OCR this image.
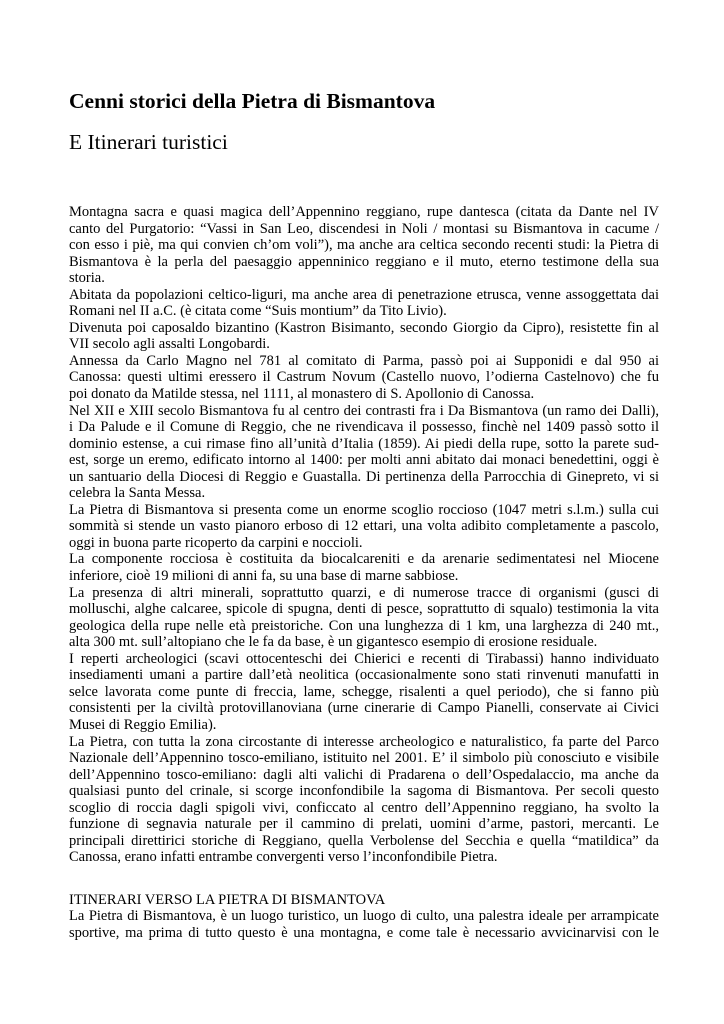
Cenni storici della Pietra di Bismantova
E Itinerari turistici
Montagna sacra e quasi magica dell’Appennino reggiano, rupe dantesca (citata da Dante nel IV
canto del Purgatorio: “Vassi in San Leo, discendesi in Noli / montasi su Bismantova in cacume /
con esso i piè, ma qui convien ch’om voli”), ma anche ara celtica secondo recenti studi: la Pietra di
Bismantova è la perla del paesaggio appenninico reggiano e il muto, eterno testimone della sua
storia.
Abitata da popolazioni celtico-liguri, ma anche area di penetrazione etrusca, venne assoggettata dai
Romani nel II a.C. (è citata come “Suis montium” da Tito Livio).
Divenuta poi caposaldo bizantino (Kastron Bisimanto, secondo Giorgio da Cipro), resistette fin al
VII secolo agli assalti Longobardi.
Annessa da Carlo Magno nel 781 al comitato di Parma, passò poi ai Supponidi e dal 950 ai
Canossa: questi ultimi eressero il Castrum Novum (Castello nuovo, l’odierna Castelnovo) che fu
poi donato da Matilde stessa, nel 1111, al monastero di S. Apollonio di Canossa.
Nel XII e XIII secolo Bismantova fu al centro dei contrasti fra i Da Bismantova (un ramo dei Dalli),
i Da Palude e il Comune di Reggio, che ne rivendicava il possesso, finchè nel 1409 passò sotto il
dominio estense, a cui rimase fino all’unità d’Italia (1859). Ai piedi della rupe, sotto la parete sud-
est, sorge un eremo, edificato intorno al 1400: per molti anni abitato dai monaci benedettini, oggi è
un santuario della Diocesi di Reggio e Guastalla. Di pertinenza della Parrocchia di Ginepreto, vi si
celebra la Santa Messa.
La Pietra di Bismantova si presenta come un enorme scoglio roccioso (1047 metri s.l.m.) sulla cui
sommità si stende un vasto pianoro erboso di 12 ettari, una volta adibito completamente a pascolo,
oggi in buona parte ricoperto da carpini e noccioli.
La componente rocciosa è costituita da biocalcareniti e da arenarie sedimentatesi nel Miocene
inferiore, cioè 19 milioni di anni fa, su una base di marne sabbiose.
La presenza di altri minerali, soprattutto quarzi, e di numerose tracce di organismi (gusci di
molluschi, alghe calcaree, spicole di spugna, denti di pesce, soprattutto di squalo) testimonia la vita
geologica della rupe nelle età preistoriche. Con una lunghezza di 1 km, una larghezza di 240 mt.,
alta 300 mt. sull’altopiano che le fa da base, è un gigantesco esempio di erosione residuale.
I reperti archeologici (scavi ottocenteschi dei Chierici e recenti di Tirabassi) hanno individuato
insediamenti umani a partire dall’età neolitica (occasionalmente sono stati rinvenuti manufatti in
selce lavorata come punte di freccia, lame, schegge, risalenti a quel periodo), che si fanno più
consistenti per la civiltà protovillanoviana (urne cinerarie di Campo Pianelli, conservate ai Civici
Musei di Reggio Emilia).
La Pietra, con tutta la zona circostante di interesse archeologico e naturalistico, fa parte del Parco
Nazionale dell’Appennino tosco-emiliano, istituito nel 2001. E’ il simbolo più conosciuto e visibile
dell’Appennino tosco-emiliano: dagli alti valichi di Pradarena o dell’Ospedalaccio, ma anche da
qualsiasi punto del crinale, si scorge inconfondibile la sagoma di Bismantova. Per secoli questo
scoglio di roccia dagli spigoli vivi, conficcato al centro dell’Appennino reggiano, ha svolto la
funzione di segnavia naturale per il cammino di prelati, uomini d’arme, pastori, mercanti. Le
principali direttirici storiche di Reggiano, quella Verbolense del Secchia e quella “matildica” da
Canossa, erano infatti entrambe convergenti verso l’inconfondibile Pietra.
ITINERARI VERSO LA PIETRA DI BISMANTOVA
La Pietra di Bismantova, è un luogo turistico, un luogo di culto, una palestra ideale per arrampicate
sportive, ma prima di tutto questo è una montagna, e come tale è necessario avvicinarvisi con le
